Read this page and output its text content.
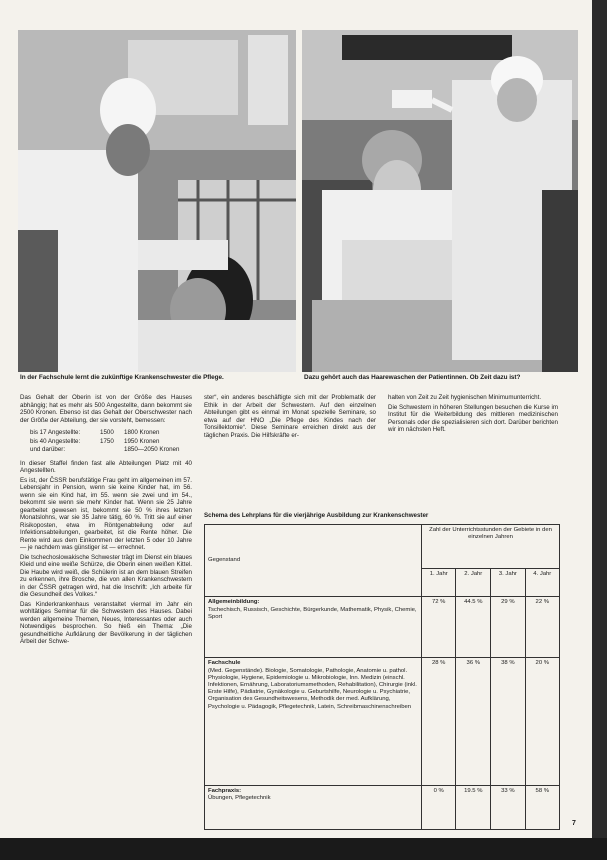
In der Fachschule lernt die zukünftige Krankenschwester die Pflege.	Dazu gehört auch das Haarewaschen der Patientinnen. Ob Zeit dazu ist?

Das Gehalt der Oberin ist von der Größe des Hauses abhängig; hat es mehr als 500 Angestellte, dann bekommt sie 2500 Kronen. Ebenso ist das Gehalt der Oberschwester nach der Größe der Abteilung, der sie vorsteht, bemessen:

bis 17 Angestellte:	1500	1800 Kronen
bis 40 Angestellte:	1750	1950 Kronen
und darüber:	1850—2050 Kronen

In dieser Staffel finden fast alle Abteilungen Platz mit 40 Angestellten.

Es ist, der ČSSR berufstätige Frau geht im allgemeinen im 57. Lebensjahr in Pension, wenn sie keine Kinder hat, im 56. wenn sie ein Kind hat, im 55. wenn sie zwei und im 54., bekommt sie wenn sie mehr Kinder hat. Wenn sie 25 Jahre gearbeitet gewesen ist, bekommt sie 50 % ihres letzten Monatslohns, war sie 35 Jahre tätig, 60 %. Tritt sie auf einer Risikoposten, etwa im Röntgenabteilung oder auf Infektionsabteilungen, gearbeitet, ist die Rente höher. Die Rente wird aus dem Einkommen der letzten 5 oder 10 Jahre — je nachdem was günstiger ist — errechnet.

Die tschechoslowakische Schwester trägt im Dienst ein blaues Kleid und eine weiße Schürze, die Oberin einen weißen Kittel. Die Haube wird weiß, die Schülerin ist an dem blauen Streifen zu erkennen, ihre Brosche, die von allen Krankenschwestern in der ČSSR getragen wird, hat die Inschrift: „Ich arbeite für die Gesundheit des Volkes.“

Das Kinderkrankenhaus veranstaltet viermal im Jahr ein wohltätiges Seminar für die Schwestern des Hauses. Dabei werden allgemeine Themen, Neues, Interessantes oder auch Notwendiges besprochen. So hieß ein Thema: „Die gesundheitliche Aufklärung der Bevölkerung in der täglichen Arbeit der Schwe-

ster“, ein anderes beschäftigte sich mit der Problematik der Ethik in der Arbeit der Schwestern. Auf den einzelnen Abteilungen gibt es einmal im Monat spezielle Seminare, so etwa auf der HNO „Die Pflege des Kindes nach der Tonsillektomie“. Diese Seminare erreichen direkt aus der täglichen Praxis. Die Hilfskräfte er-

halten von Zeit zu Zeit hygienischen Minimumunterricht.

Die Schwestern in höheren Stellungen besuchen die Kurse im Institut für die Weiterbildung des mittleren medizinischen Personals oder die spezialisieren sich dort. Darüber berichten wir im nächsten Heft.

Schema des Lehrplans für die vierjährige Ausbildung zur Krankenschwester
Gegenstand	Zahl der Unterrichtsstunden der Gebiete in den einzelnen Jahren			
	1. Jahr	2. Jahr	3. Jahr	4. Jahr

Allgemeinbildung:
Tschechisch, Russisch, Geschichte, Bürgerkunde, Mathematik, Physik, Chemie, Sport	72 %	44.5 %	29 %	22 %

Fachschule
(Med. Gegenstände). Biologie, Somatologie, Pathologie, Anatomie u. pathol. Physiologie, Hygiene, Epidemiologie u. Mikrobiologie, Inn. Medizin (einschl. Infektionen, Ernährung, Laboratoriumsmethoden, Rehabilitation), Chirurgie (inkl. Erste Hilfe), Pädiatrie, Gynäkologie u. Geburtshilfe, Neurologie u. Psychiatrie, Organisation des Gesundheitswesens, Methodik der med. Aufklärung, Psychologie u. Pädagogik, Pflegetechnik, Latein, Schreibmaschinenschreiben	28 %	36 %	38 %	20 %

Fachpraxis:
Übungen, Pflegetechnik	0 %	19.5 %	33 %	58 %
7
